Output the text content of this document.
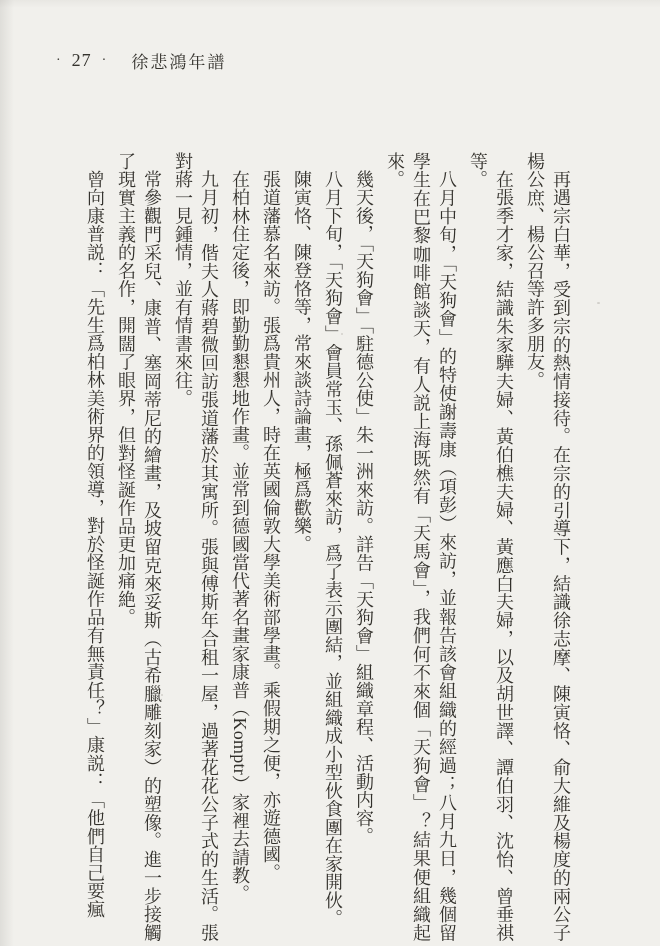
· 27 · 徐悲鴻年譜

再遇宗白華，受到宗的熱情接待。在宗的引導下，結識徐志摩、陳寅恪、俞大維及楊度的兩公子楊公庶、楊公召等許多朋友。

在張季才家，結識朱家驊夫婦、黃伯樵夫婦、黃應白夫婦，以及胡世譯、譚伯羽、沈怡、曾垂祺等。

八月中旬，「天狗會」的特使謝壽康（項彭）來訪，並報告該會組織的經過；八月九日，幾個留學生在巴黎咖啡館談天，有人説上海既然有「天馬會」，我們何不來個「天狗會」？結果便組織起來。

幾天後，「天狗會」「駐德公使」朱一洲來訪。詳告「天狗會」組織章程、活動内容。

八月下旬，「天狗會」會員常玉、孫佩蒼來訪，爲了表示團結，並組織成小型伙食團在家開伙。

陳寅恪、陳登恪等，常來談詩論畫，極爲歡樂。

張道藩慕名來訪。張爲貴州人，時在英國倫敦大學美術部學畫。乘假期之便，亦遊德國。

在柏林住定後，即勤勤懇懇地作畫。並常到德國當代著名畫家康普（Komptr）家裡去請教。

九月初，偕夫人蔣碧微回訪張道藩於其寓所。張與傅斯年合租一屋，過著花花公子式的生活。張對蔣一見鍾情，並有情書來往。

常參觀門采兒、康普、塞岡蒂尼的繪畫，及坡留克來妥斯（古希臘雕刻家）的塑像。進一步接觸了現實主義的名作，開闊了眼界，但對怪誕作品更加痛絶。

曾向康普説：「先生爲柏林美術界的領導，對於怪誕作品有無責任？」康説：「他們自己要瘋
